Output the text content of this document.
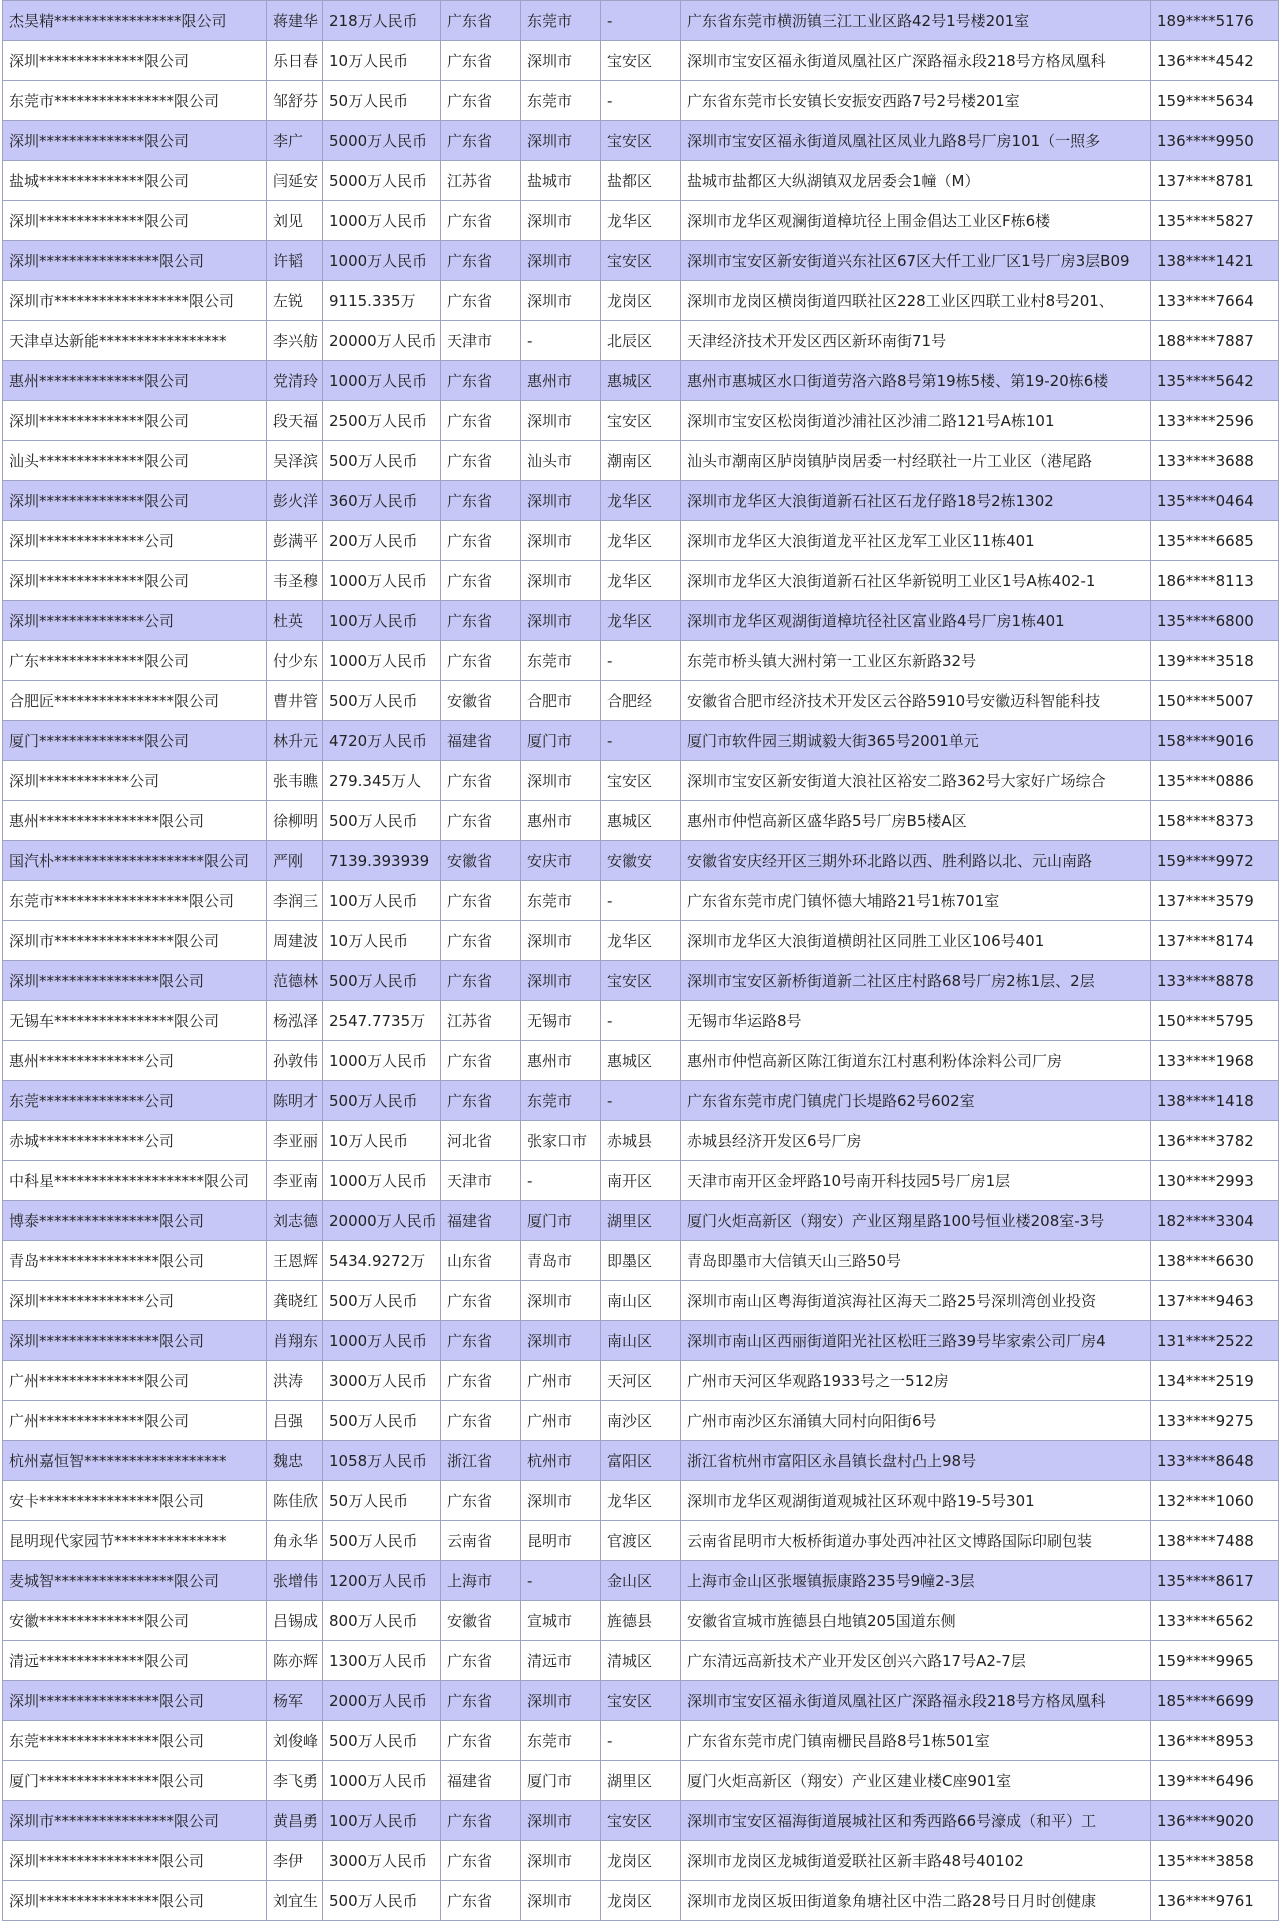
杰昊精*****************限公司	蒋建华	218万人民币	广东省	东莞市	-	广东省东莞市横沥镇三江工业区路42号1号楼201室	189****5176
深圳**************限公司	乐日春	10万人民币	广东省	深圳市	宝安区	深圳市宝安区福永街道凤凰社区广深路福永段218号方格凤凰科	136****4542
东莞市****************限公司	邹舒芬	50万人民币	广东省	东莞市	-	广东省东莞市长安镇长安振安西路7号2号楼201室	159****5634
深圳**************限公司	李广	5000万人民币	广东省	深圳市	宝安区	深圳市宝安区福永街道凤凰社区凤业九路8号厂房101（一照多	136****9950
盐城**************限公司	闫延安	5000万人民币	江苏省	盐城市	盐都区	盐城市盐都区大纵湖镇双龙居委会1幢（M）	137****8781
深圳**************限公司	刘见	1000万人民币	广东省	深圳市	龙华区	深圳市龙华区观澜街道樟坑径上围金倡达工业区F栋6楼	135****5827
深圳****************限公司	许韬	1000万人民币	广东省	深圳市	宝安区	深圳市宝安区新安街道兴东社区67区大仟工业厂区1号厂房3层B09	138****1421
深圳市******************限公司	左锐	9115.335万	广东省	深圳市	龙岗区	深圳市龙岗区横岗街道四联社区228工业区四联工业村8号201、	133****7664
天津卓达新能*****************	李兴舫	20000万人民币	天津市	-	北辰区	天津经济技术开发区西区新环南街71号	188****7887
惠州**************限公司	党清玲	1000万人民币	广东省	惠州市	惠城区	惠州市惠城区水口街道劳洛六路8号第19栋5楼、第19-20栋6楼	135****5642
深圳**************限公司	段天福	2500万人民币	广东省	深圳市	宝安区	深圳市宝安区松岗街道沙浦社区沙浦二路121号A栋101	133****2596
汕头**************限公司	吴泽滨	500万人民币	广东省	汕头市	潮南区	汕头市潮南区胪岗镇胪岗居委一村经联社一片工业区（港尾路	133****3688
深圳**************限公司	彭火洋	360万人民币	广东省	深圳市	龙华区	深圳市龙华区大浪街道新石社区石龙仔路18号2栋1302	135****0464
深圳**************公司	彭满平	200万人民币	广东省	深圳市	龙华区	深圳市龙华区大浪街道龙平社区龙军工业区11栋401	135****6685
深圳**************限公司	韦圣穆	1000万人民币	广东省	深圳市	龙华区	深圳市龙华区大浪街道新石社区华新锐明工业区1号A栋402-1	186****8113
深圳**************公司	杜英	100万人民币	广东省	深圳市	龙华区	深圳市龙华区观湖街道樟坑径社区富业路4号厂房1栋401	135****6800
广东**************限公司	付少东	1000万人民币	广东省	东莞市	-	东莞市桥头镇大洲村第一工业区东新路32号	139****3518
合肥匠****************限公司	曹井管	500万人民币	安徽省	合肥市	合肥经	安徽省合肥市经济技术开发区云谷路5910号安徽迈科智能科技	150****5007
厦门**************限公司	林升元	4720万人民币	福建省	厦门市	-	厦门市软件园三期诚毅大街365号2001单元	158****9016
深圳************公司	张韦瞧	279.345万人	广东省	深圳市	宝安区	深圳市宝安区新安街道大浪社区裕安二路362号大家好广场综合	135****0886
惠州****************限公司	徐柳明	500万人民币	广东省	惠州市	惠城区	惠州市仲恺高新区盛华路5号厂房B5楼A区	158****8373
国汽朴********************限公司	严刚	7139.393939	安徽省	安庆市	安徽安	安徽省安庆经开区三期外环北路以西、胜利路以北、元山南路	159****9972
东莞市******************限公司	李润三	100万人民币	广东省	东莞市	-	广东省东莞市虎门镇怀德大埔路21号1栋701室	137****3579
深圳市****************限公司	周建波	10万人民币	广东省	深圳市	龙华区	深圳市龙华区大浪街道横朗社区同胜工业区106号401	137****8174
深圳****************限公司	范德林	500万人民币	广东省	深圳市	宝安区	深圳市宝安区新桥街道新二社区庄村路68号厂房2栋1层、2层	133****8878
无锡车****************限公司	杨泓泽	2547.7735万	江苏省	无锡市	-	无锡市华运路8号	150****5795
惠州**************公司	孙敦伟	1000万人民币	广东省	惠州市	惠城区	惠州市仲恺高新区陈江街道东江村惠利粉体涂料公司厂房	133****1968
东莞**************公司	陈明才	500万人民币	广东省	东莞市	-	广东省东莞市虎门镇虎门长堤路62号602室	138****1418
赤城**************公司	李亚丽	10万人民币	河北省	张家口市	赤城县	赤城县经济开发区6号厂房	136****3782
中科星********************限公司	李亚南	1000万人民币	天津市	-	南开区	天津市南开区金坪路10号南开科技园5号厂房1层	130****2993
博泰****************限公司	刘志德	20000万人民币	福建省	厦门市	湖里区	厦门火炬高新区（翔安）产业区翔星路100号恒业楼208室-3号	182****3304
青岛****************限公司	王恩辉	5434.9272万	山东省	青岛市	即墨区	青岛即墨市大信镇天山三路50号	138****6630
深圳**************公司	龚晓红	500万人民币	广东省	深圳市	南山区	深圳市南山区粤海街道滨海社区海天二路25号深圳湾创业投资	137****9463
深圳****************限公司	肖翔东	1000万人民币	广东省	深圳市	南山区	深圳市南山区西丽街道阳光社区松旺三路39号毕家索公司厂房4	131****2522
广州**************限公司	洪涛	3000万人民币	广东省	广州市	天河区	广州市天河区华观路1933号之一512房	134****2519
广州**************限公司	吕强	500万人民币	广东省	广州市	南沙区	广州市南沙区东涌镇大同村向阳街6号	133****9275
杭州嘉恒智*******************	魏忠	1058万人民币	浙江省	杭州市	富阳区	浙江省杭州市富阳区永昌镇长盘村凸上98号	133****8648
安卡****************限公司	陈佳欣	50万人民币	广东省	深圳市	龙华区	深圳市龙华区观湖街道观城社区环观中路19-5号301	132****1060
昆明现代家园节***************	角永华	500万人民币	云南省	昆明市	官渡区	云南省昆明市大板桥街道办事处西冲社区文博路国际印刷包装	138****7488
麦城智****************限公司	张增伟	1200万人民币	上海市	-	金山区	上海市金山区张堰镇振康路235号9幢2-3层	135****8617
安徽**************限公司	吕锡成	800万人民币	安徽省	宣城市	旌德县	安徽省宣城市旌德县白地镇205国道东侧	133****6562
清远**************限公司	陈亦辉	1300万人民币	广东省	清远市	清城区	广东清远高新技术产业开发区创兴六路17号A2-7层	159****9965
深圳****************限公司	杨军	2000万人民币	广东省	深圳市	宝安区	深圳市宝安区福永街道凤凰社区广深路福永段218号方格凤凰科	185****6699
东莞****************限公司	刘俊峰	500万人民币	广东省	东莞市	-	广东省东莞市虎门镇南栅民昌路8号1栋501室	136****8953
厦门****************限公司	李飞勇	1000万人民币	福建省	厦门市	湖里区	厦门火炬高新区（翔安）产业区建业楼C座901室	139****6496
深圳市****************限公司	黄昌勇	100万人民币	广东省	深圳市	宝安区	深圳市宝安区福海街道展城社区和秀西路66号濠成（和平）工	136****9020
深圳****************限公司	李伊	3000万人民币	广东省	深圳市	龙岗区	深圳市龙岗区龙城街道爱联社区新丰路48号40102	135****3858
深圳****************限公司	刘宜生	500万人民币	广东省	深圳市	龙岗区	深圳市龙岗区坂田街道象角塘社区中浩二路28号日月时创健康	136****9761
